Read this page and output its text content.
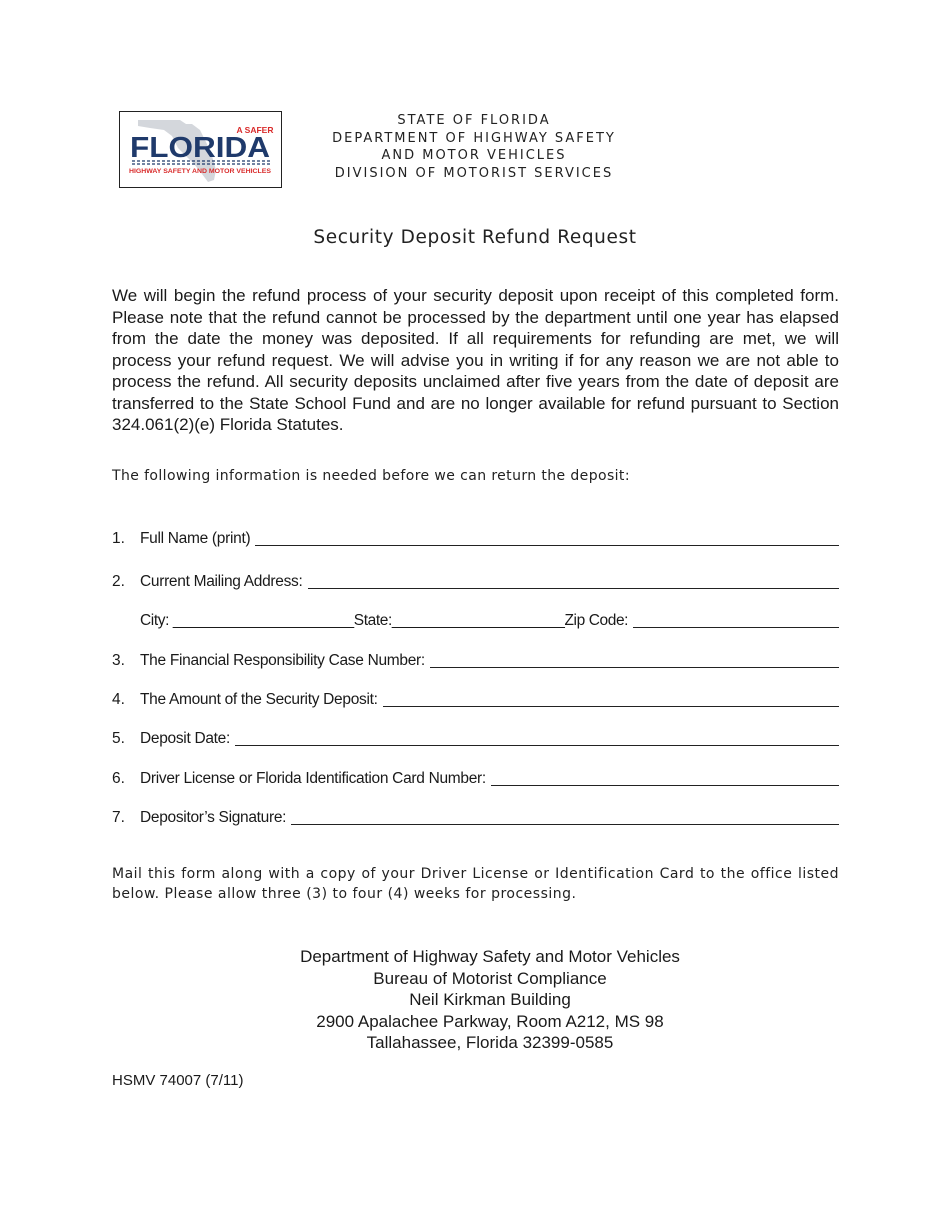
A SAFER
FLORIDA
HIGHWAY SAFETY AND MOTOR VEHICLES
STATE OF FLORIDA
DEPARTMENT OF HIGHWAY SAFETY
AND MOTOR VEHICLES
DIVISION OF MOTORIST SERVICES
Security Deposit Refund Request

We will begin the refund process of your security deposit upon receipt of this completed form. Please note that the refund cannot be processed by the department until one year has elapsed from the date the money was deposited. If all requirements for refunding are met, we will process your refund request. We will advise you in writing if for any reason we are not able to process the refund. All security deposits unclaimed after five years from the date of deposit are transferred to the State School Fund and are no longer available for refund pursuant to Section 324.061(2)(e) Florida Statutes.

The following information is needed before we can return the deposit:
1. Full Name (print)
2. Current Mailing Address:
City: ______________________State:_____________________Zip Code:
3. The Financial Responsibility Case Number:
4. The Amount of the Security Deposit:
5. Deposit Date:
6. Driver License or Florida Identification Card Number:
7. Depositor’s Signature:

Mail this form along with a copy of your Driver License or Identification Card to the office listed below. Please allow three (3) to four (4) weeks for processing.

Department of Highway Safety and Motor Vehicles
Bureau of Motorist Compliance
Neil Kirkman Building
2900 Apalachee Parkway, Room A212, MS 98
Tallahassee, Florida 32399-0585
HSMV 74007 (7/11)
